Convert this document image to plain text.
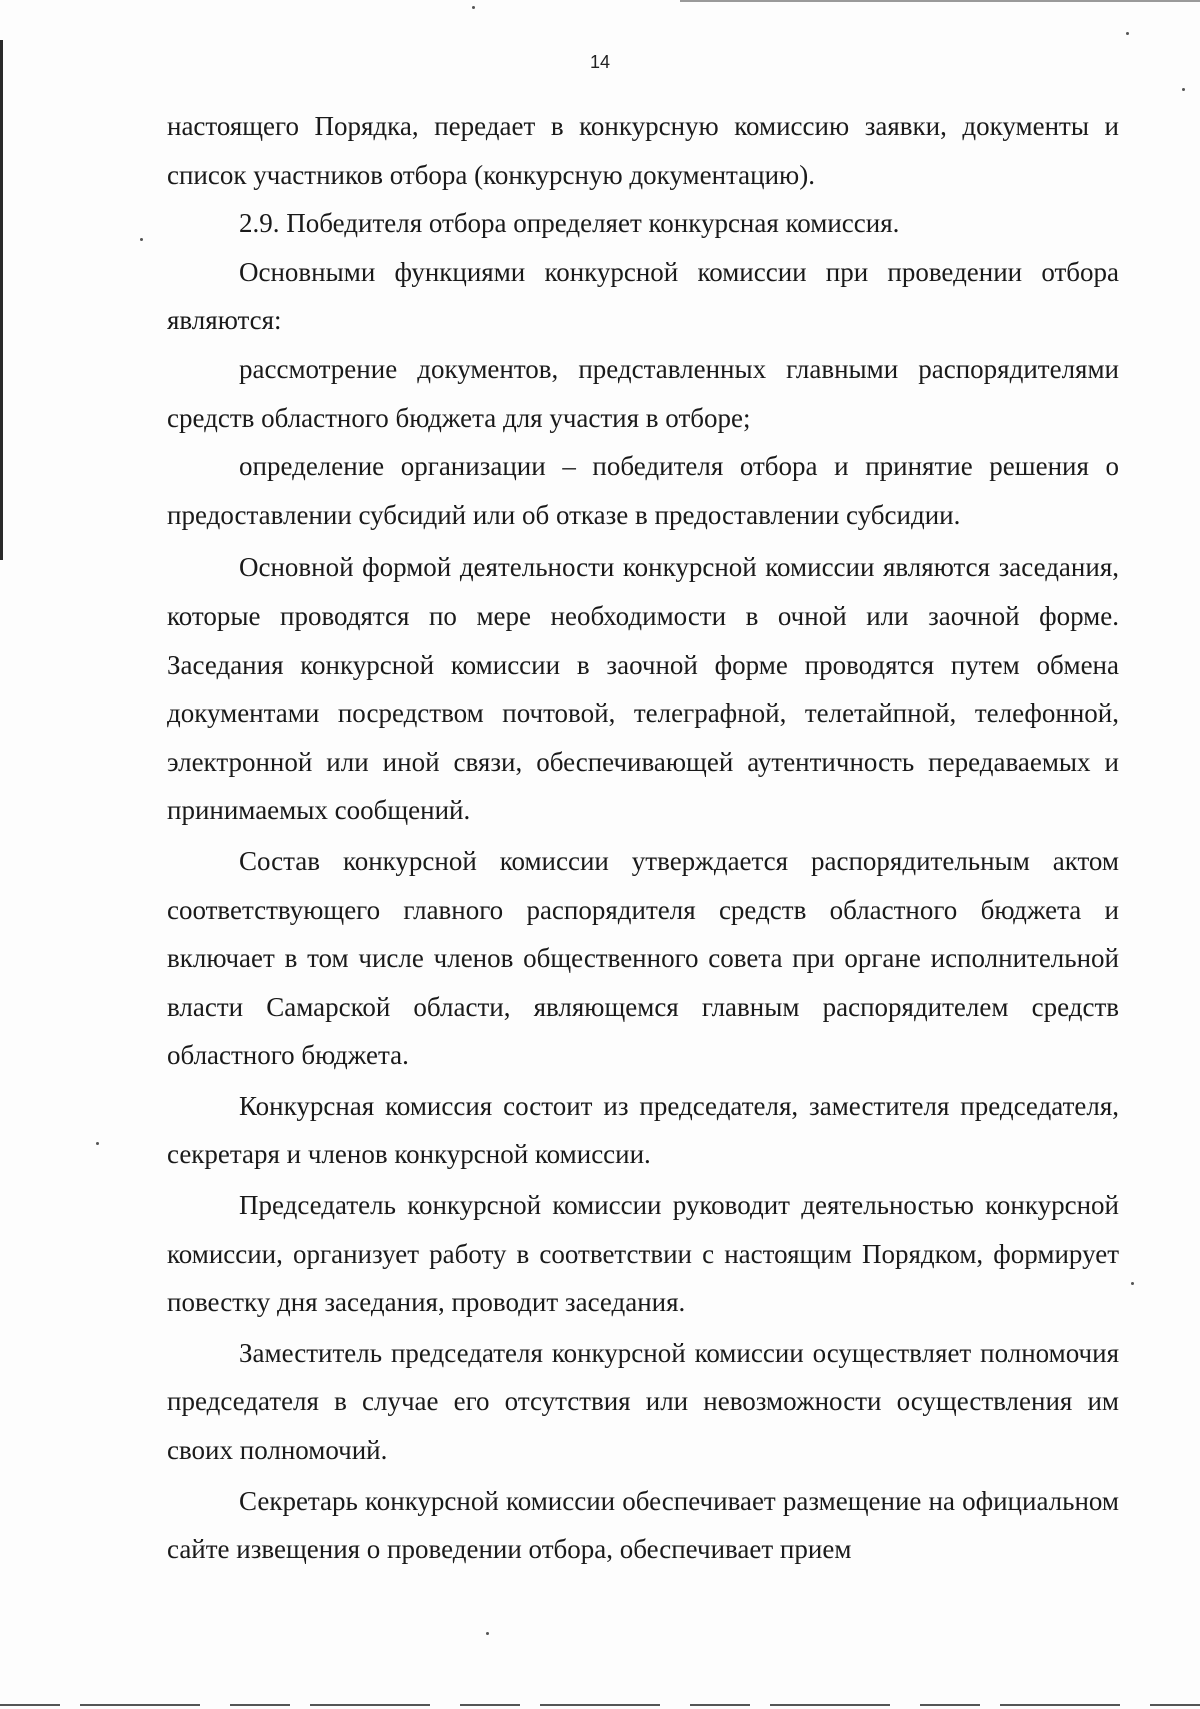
14

настоящего Порядка, передает в конкурсную комиссию заявки, документы и список участников отбора (конкурсную документацию).

2.9. Победителя отбора определяет конкурсная комиссия.

Основными функциями конкурсной комиссии при проведении отбора являются:

рассмотрение документов, представленных главными распорядителями средств областного бюджета для участия в отборе;

определение организации – победителя отбора и принятие решения о предоставлении субсидий или об отказе в предоставлении субсидии.

Основной формой деятельности конкурсной комиссии являются заседания, которые проводятся по мере необходимости в очной или заочной форме. Заседания конкурсной комиссии в заочной форме проводятся путем обмена документами посредством почтовой, телеграфной, телетайпной, телефонной, электронной или иной связи, обеспечивающей аутентичность передаваемых и принимаемых сообщений.

Состав конкурсной комиссии утверждается распорядительным актом соответствующего главного распорядителя средств областного бюджета и включает в том числе членов общественного совета при органе исполнительной власти Самарской области, являющемся главным распорядителем средств областного бюджета.

Конкурсная комиссия состоит из председателя, заместителя председателя, секретаря и членов конкурсной комиссии.

Председатель конкурсной комиссии руководит деятельностью конкурсной комиссии, организует работу в соответствии с настоящим Порядком, формирует повестку дня заседания, проводит заседания.

Заместитель председателя конкурсной комиссии осуществляет полномочия председателя в случае его отсутствия или невозможности осуществления им своих полномочий.

Секретарь конкурсной комиссии обеспечивает размещение на официальном сайте извещения о проведении отбора, обеспечивает прием
